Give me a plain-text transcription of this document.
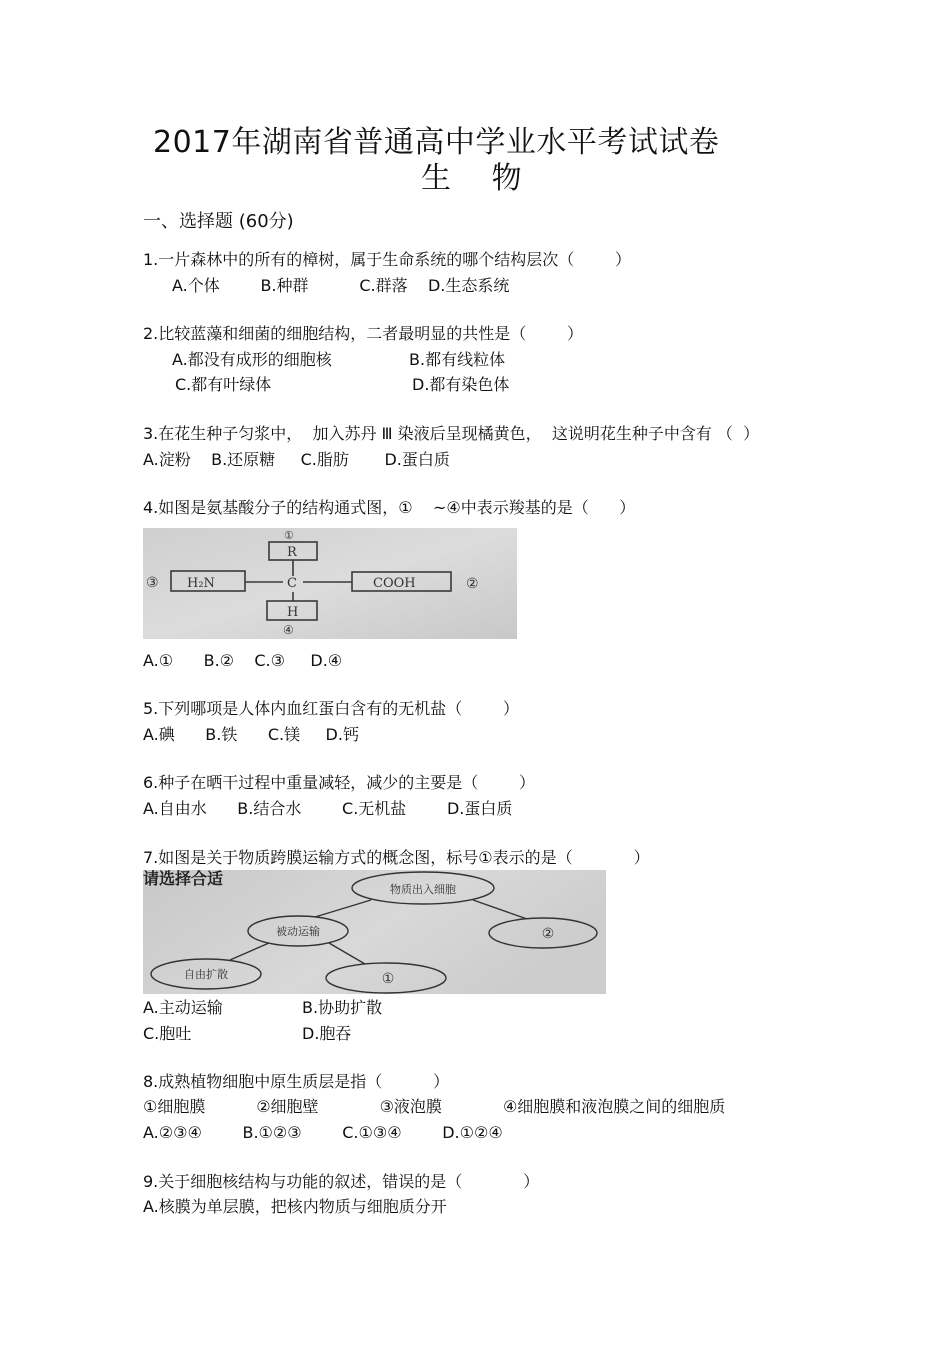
2017年湖南省普通高中学业水平考试试卷
生    物
一、选择题 (60分)
1.一片森林中的所有的樟树，属于生命系统的哪个结构层次（        ）
A.个体        B.种群          C.群落    D.生态系统
2.比较蓝藻和细菌的细胞结构，二者最明显的共性是（        ）
A.都没有成形的细胞核	B.都有线粒体
C.都有叶绿体	D.都有染色体
3.在花生种子匀浆中，  加入苏丹 Ⅲ 染液后呈现橘黄色，  这说明花生种子中含有 （  ）
A.淀粉    B.还原糖     C.脂肪       D.蛋白质
4.如图是氨基酸分子的结构通式图，①    ~④中表示羧基的是（      ）
①
R
③ H₂N	C	COOH	②
H
④
A.①      B.②    C.③     D.④
5.下列哪项是人体内血红蛋白含有的无机盐（        ）
A.碘      B.铁      C.镁     D.钙
6.种子在晒干过程中重量减轻，减少的主要是（        ）
A.自由水      B.结合水        C.无机盐        D.蛋白质
7.如图是关于物质跨膜运输方式的概念图，标号①表示的是（            ）
请选择合适
物质出入细胞
被动运输	②
自由扩散	①
A.主动运输	B.协助扩散
C.胞吐	D.胞吞
8.成熟植物细胞中原生质层是指（          ）
①细胞膜          ②细胞壁            ③液泡膜            ④细胞膜和液泡膜之间的细胞质
A.②③④        B.①②③        C.①③④        D.①②④
9.关于细胞核结构与功能的叙述，错误的是（            ）
A.核膜为单层膜，把核内物质与细胞质分开
